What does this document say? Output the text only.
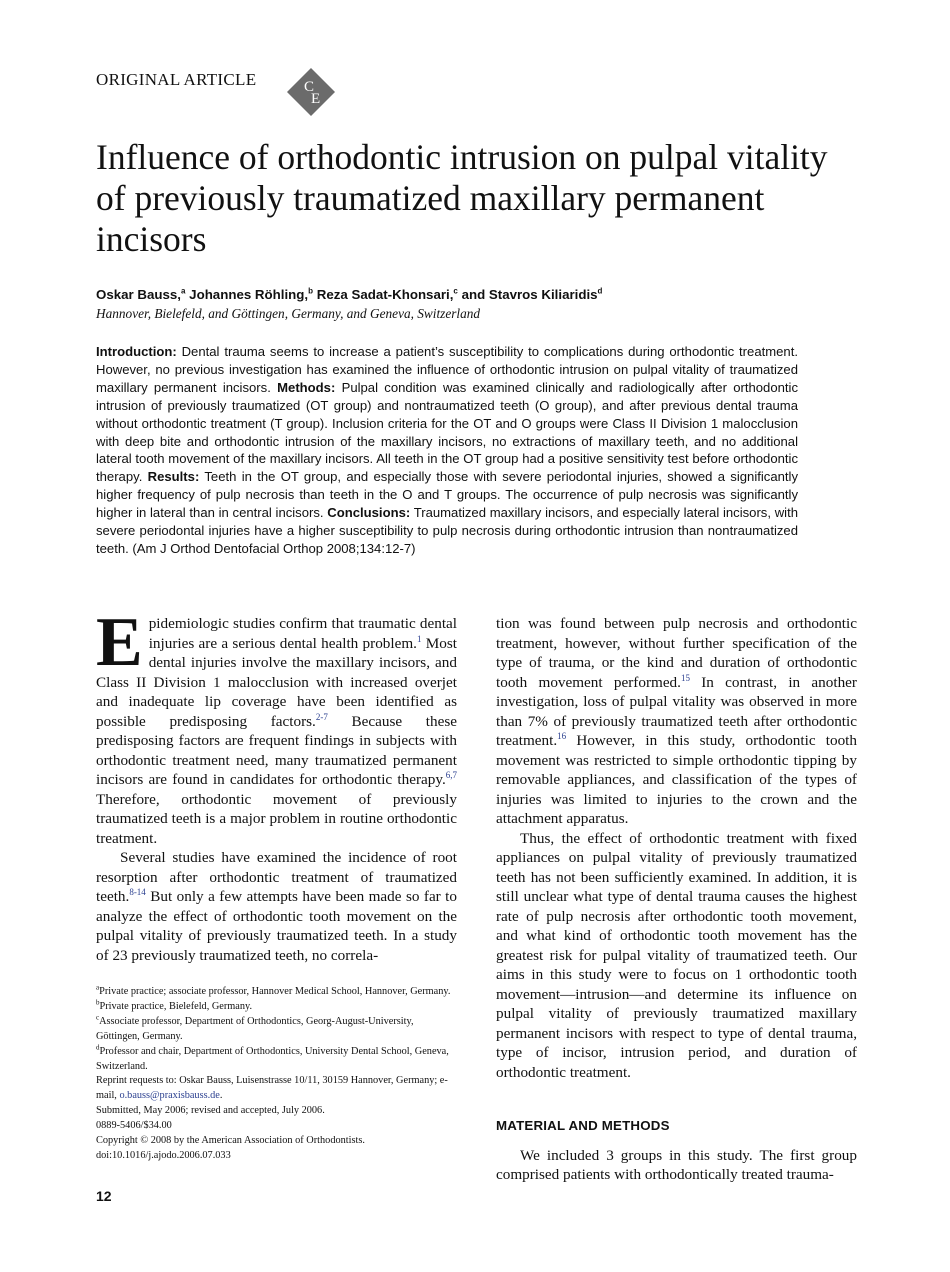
ORIGINAL ARTICLE	C
E
Influence of orthodontic intrusion on pulpal vitality of previously traumatized maxillary permanent incisors
Oskar Bauss,$^a$ Johannes Röhling,$^b$ Reza Sadat-Khonsari,$^c$ and Stavros Kiliaridis$^d$
Hannover, Bielefeld, and Göttingen, Germany, and Geneva, Switzerland

Introduction: Dental trauma seems to increase a patient’s susceptibility to complications during orthodontic treatment. However, no previous investigation has examined the influence of orthodontic intrusion on pulpal vitality of traumatized maxillary permanent incisors. Methods: Pulpal condition was examined clinically and radiologically after orthodontic intrusion of previously traumatized (OT group) and nontraumatized teeth (O group), and after previous dental trauma without orthodontic treatment (T group). Inclusion criteria for the OT and O groups were Class II Division 1 malocclusion with deep bite and orthodontic intrusion of the maxillary incisors, no extractions of maxillary teeth, and no additional lateral tooth movement of the maxillary incisors. All teeth in the OT group had a positive sensitivity test before orthodontic therapy. Results: Teeth in the OT group, and especially those with severe periodontal injuries, showed a significantly higher frequency of pulp necrosis than teeth in the O and T groups. The occurrence of pulp necrosis was significantly higher in lateral than in central incisors. Conclusions: Traumatized maxillary incisors, and especially lateral incisors, with severe periodontal injuries have a higher susceptibility to pulp necrosis during orthodontic intrusion than nontraumatized teeth. (Am J Orthod Dentofacial Orthop 2008;134:12-7)

Epidemiologic studies confirm that traumatic dental injuries are a serious dental health problem.$^1$ Most dental injuries involve the maxillary incisors, and Class II Division 1 malocclusion with increased overjet and inadequate lip coverage have been identified as possible predisposing factors.$^{2-7}$ Because these predisposing factors are frequent findings in subjects with orthodontic treatment need, many traumatized permanent incisors are found in candidates for orthodontic therapy.$^{6,7}$ Therefore, orthodontic movement of previously traumatized teeth is a major problem in routine orthodontic treatment.

Several studies have examined the incidence of root resorption after orthodontic treatment of traumatized teeth.$^{8-14}$ But only a few attempts have been made so far to analyze the effect of orthodontic tooth movement on the pulpal vitality of previously traumatized teeth. In a study of 23 previously traumatized teeth, no correla-

$^a$Private practice; associate professor, Hannover Medical School, Hannover, Germany.

$^b$Private practice, Bielefeld, Germany.

$^c$Associate professor, Department of Orthodontics, Georg-August-University, Göttingen, Germany.

$^d$Professor and chair, Department of Orthodontics, University Dental School, Geneva, Switzerland.

Reprint requests to: Oskar Bauss, Luisenstrasse 10/11, 30159 Hannover, Germany; e-mail, o.bauss@praxisbauss.de.

Submitted, May 2006; revised and accepted, July 2006.

0889-5406/$34.00

Copyright © 2008 by the American Association of Orthodontists.

doi:10.1016/j.ajodo.2006.07.033

12

tion was found between pulp necrosis and orthodontic treatment, however, without further specification of the type of trauma, or the kind and duration of orthodontic tooth movement performed.$^{15}$ In contrast, in another investigation, loss of pulpal vitality was observed in more than 7% of previously traumatized teeth after orthodontic treatment.$^{16}$ However, in this study, orthodontic tooth movement was restricted to simple orthodontic tipping by removable appliances, and classification of the types of injuries was limited to injuries to the crown and the attachment apparatus.

Thus, the effect of orthodontic treatment with fixed appliances on pulpal vitality of previously traumatized teeth has not been sufficiently examined. In addition, it is still unclear what type of dental trauma causes the highest rate of pulp necrosis after orthodontic tooth movement, and what kind of orthodontic tooth movement has the greatest risk for pulpal vitality of traumatized teeth. Our aims in this study were to focus on 1 orthodontic tooth movement—intrusion—and determine its influence on pulpal vitality of previously traumatized maxillary permanent incisors with respect to type of dental trauma, type of incisor, intrusion period, and duration of orthodontic treatment.

MATERIAL AND METHODS

We included 3 groups in this study. The first group comprised patients with orthodontically treated trauma-
